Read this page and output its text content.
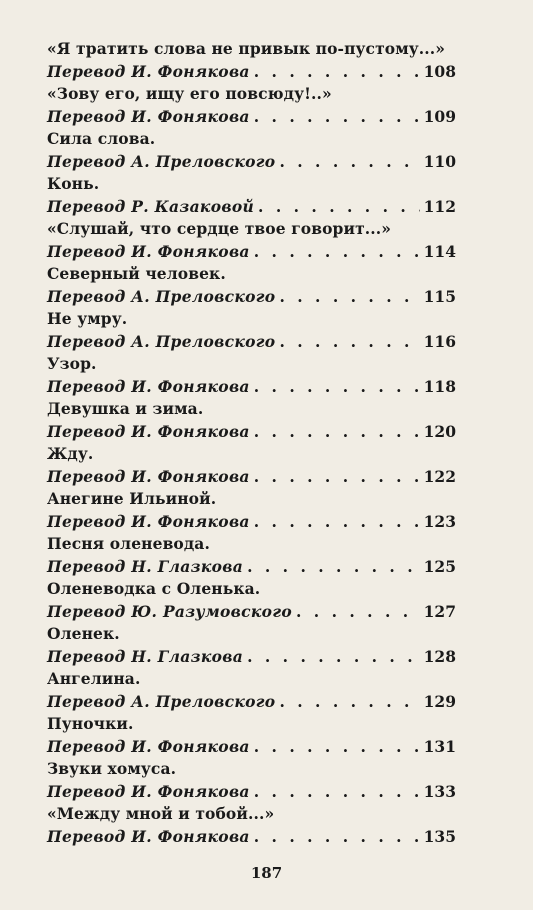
«Я тратить слова не привык по-пустому...»
Перевод И. Фонякова . . .	108
«Зову его, ищу его повсюду!..»
Перевод И. Фонякова . . .	109
Сила слова.
Перевод А. Преловского . . .	110
Конь.
Перевод Р. Казаковой . . .	112
«Слушай, что сердце твое говорит...»
Перевод И. Фонякова . . .	114
Северный человек.
Перевод А. Преловского . . .	115
Не умру.
Перевод А. Преловского . . .	116
Узор.
Перевод И. Фонякова . . .	118
Девушка и зима.
Перевод И. Фонякова . . .	120
Жду.
Перевод И. Фонякова . . .	122
Анегине Ильиной.
Перевод И. Фонякова . . .	123
Песня оленевода.
Перевод Н. Глазкова . . .	125
Оленеводка с Оленька.
Перевод Ю. Разумовского . . .	127
Оленек.
Перевод Н. Глазкова . . .	128
Ангелина.
Перевод А. Преловского . . .	129
Пуночки.
Перевод И. Фонякова . . .	131
Звуки хомуса.
Перевод И. Фонякова . . .	133
«Между мной и тобой...»
Перевод И. Фонякова . . .	135
187
